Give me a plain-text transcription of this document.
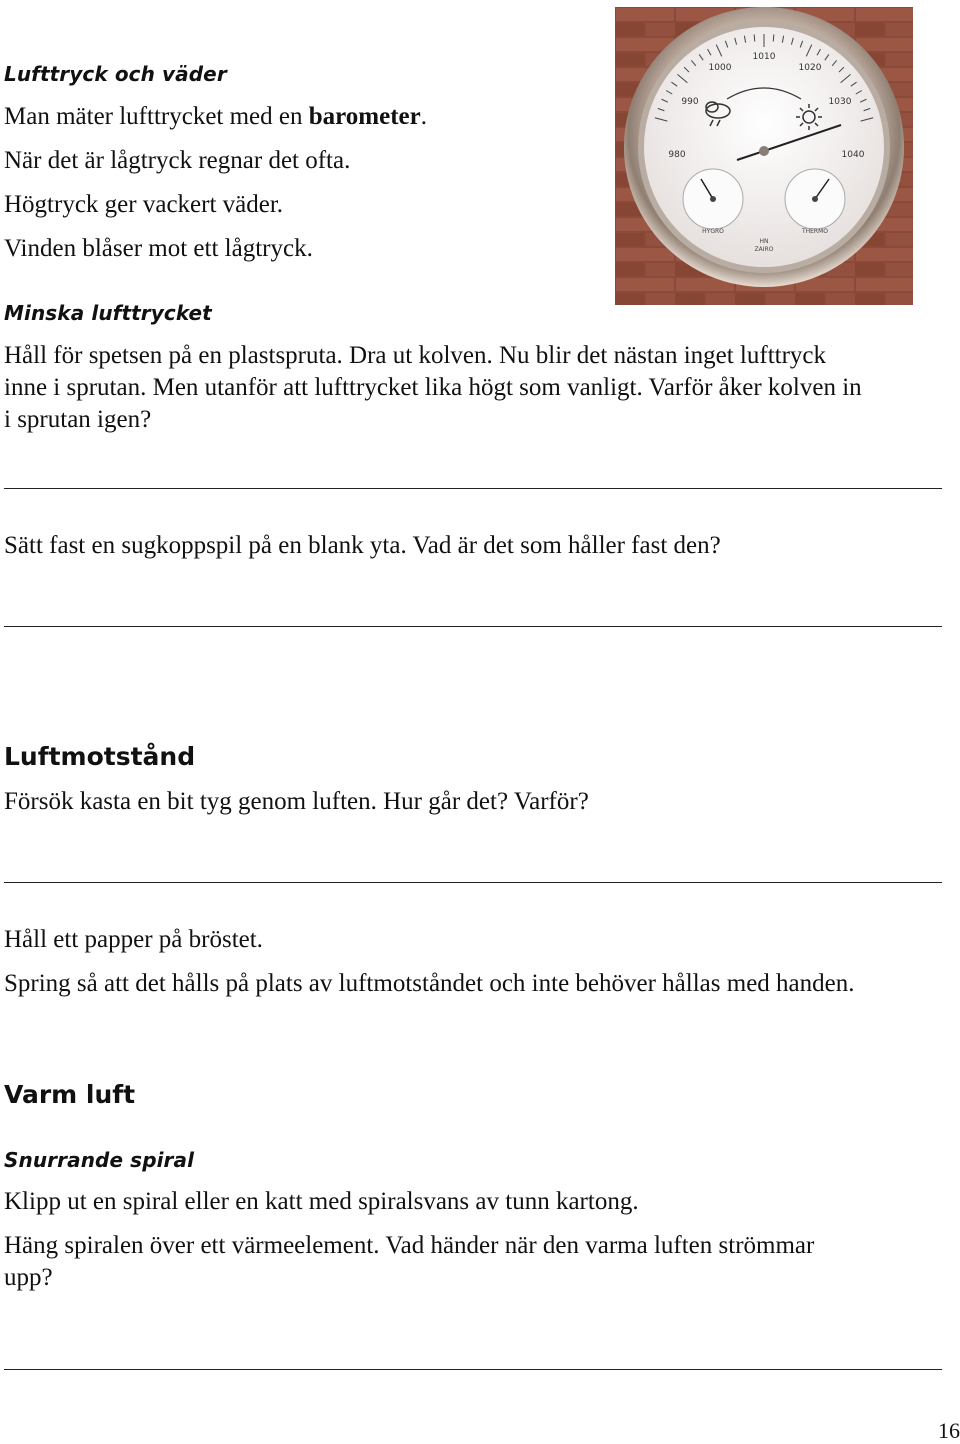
980
990
1000
1010
1020
1030
1040
HYGRO	THERMO
HN
ZAIRO
Lufttryck och väder
Man mäter lufttrycket med en barometer.
När det är lågtryck regnar det ofta.
Högtryck ger vackert väder.
Vinden blåser mot ett lågtryck.
Minska lufttrycket
Håll för spetsen på en plastspruta. Dra ut kolven. Nu blir det nästan inget lufttryck
inne i sprutan. Men utanför att lufttrycket lika högt som vanligt. Varför åker kolven in
i sprutan igen?
Sätt fast en sugkoppspil på en blank yta. Vad är det som håller fast den?
Luftmotstånd
Försök kasta en bit tyg genom luften. Hur går det? Varför?
Håll ett papper på bröstet.
Spring så att det hålls på plats av luftmotståndet och inte behöver hållas med handen.
Varm luft
Snurrande spiral
Klipp ut en spiral eller en katt med spiralsvans av tunn kartong.
Häng spiralen över ett värmeelement. Vad händer när den varma luften strömmar
upp?
16
